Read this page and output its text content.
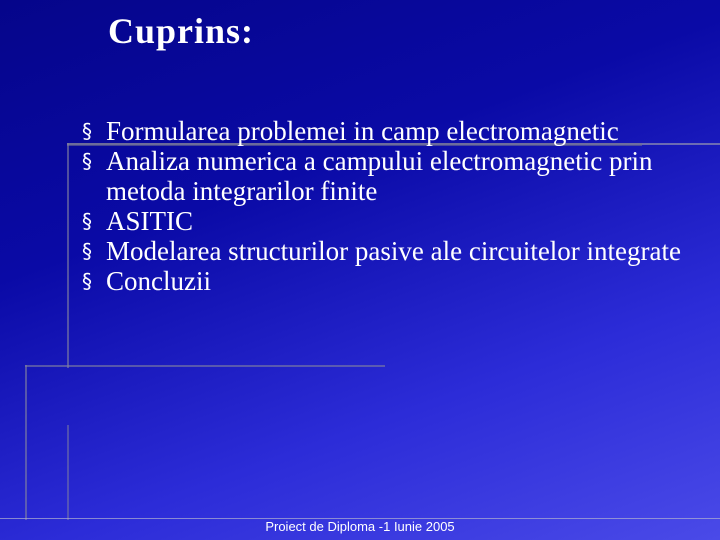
Cuprins:
§ Formularea problemei in camp electromagnetic
§ Analiza numerica a campului electromagnetic prin metoda integrarilor finite
§ ASITIC
§ Modelarea structurilor pasive ale circuitelor integrate
§ Concluzii
Proiect de Diploma -1 Iunie 2005
